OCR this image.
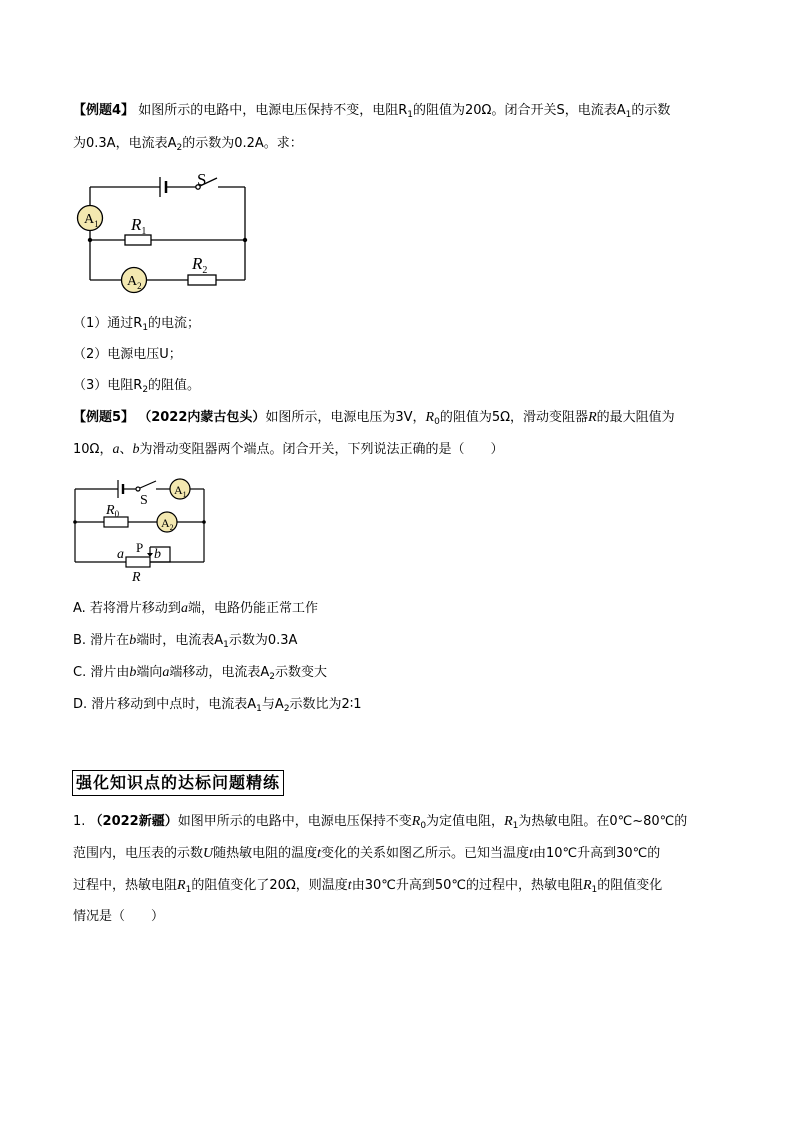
【例题4】 如图所示的电路中，电源电压保持不变，电阻$R_1$的阻值为20Ω。闭合开关S，电流表$A_1$的示数
为0.3A，电流表$A_2$的示数为0.2A。求：
$A_1$
$A_2$
S
$R_1$
$R_2$
（1）通过$R_1$的电流；
（2）电源电压U；
（3）电阻$R_2$的阻值。
【例题5】 （2022内蒙古包头）如图所示，电源电压为3V，$R_0$的阻值为5Ω，滑动变阻器R的最大阻值为
10Ω，a、b为滑动变阻器两个端点。闭合开关，下列说法正确的是（　　）
$A_1$
$A_2$
S
$R_0$
P
a b
R
A. 若将滑片移动到a端，电路仍能正常工作
B. 滑片在b端时，电流表$A_1$示数为0.3A
C. 滑片由b端向a端移动，电流表$A_2$示数变大
D. 滑片移动到中点时，电流表$A_1$与$A_2$示数比为2∶1
强化知识点的达标问题精练
1. （2022新疆）如图甲所示的电路中，电源电压保持不变$R_0$为定值电阻，$R_1$为热敏电阻。在0℃~80℃的
范围内，电压表的示数U随热敏电阻的温度t变化的关系如图乙所示。已知当温度t由10℃升高到30℃的
过程中，热敏电阻$R_1$的阻值变化了20Ω，则温度t由30℃升高到50℃的过程中，热敏电阻$R_1$的阻值变化
情况是（　　）
